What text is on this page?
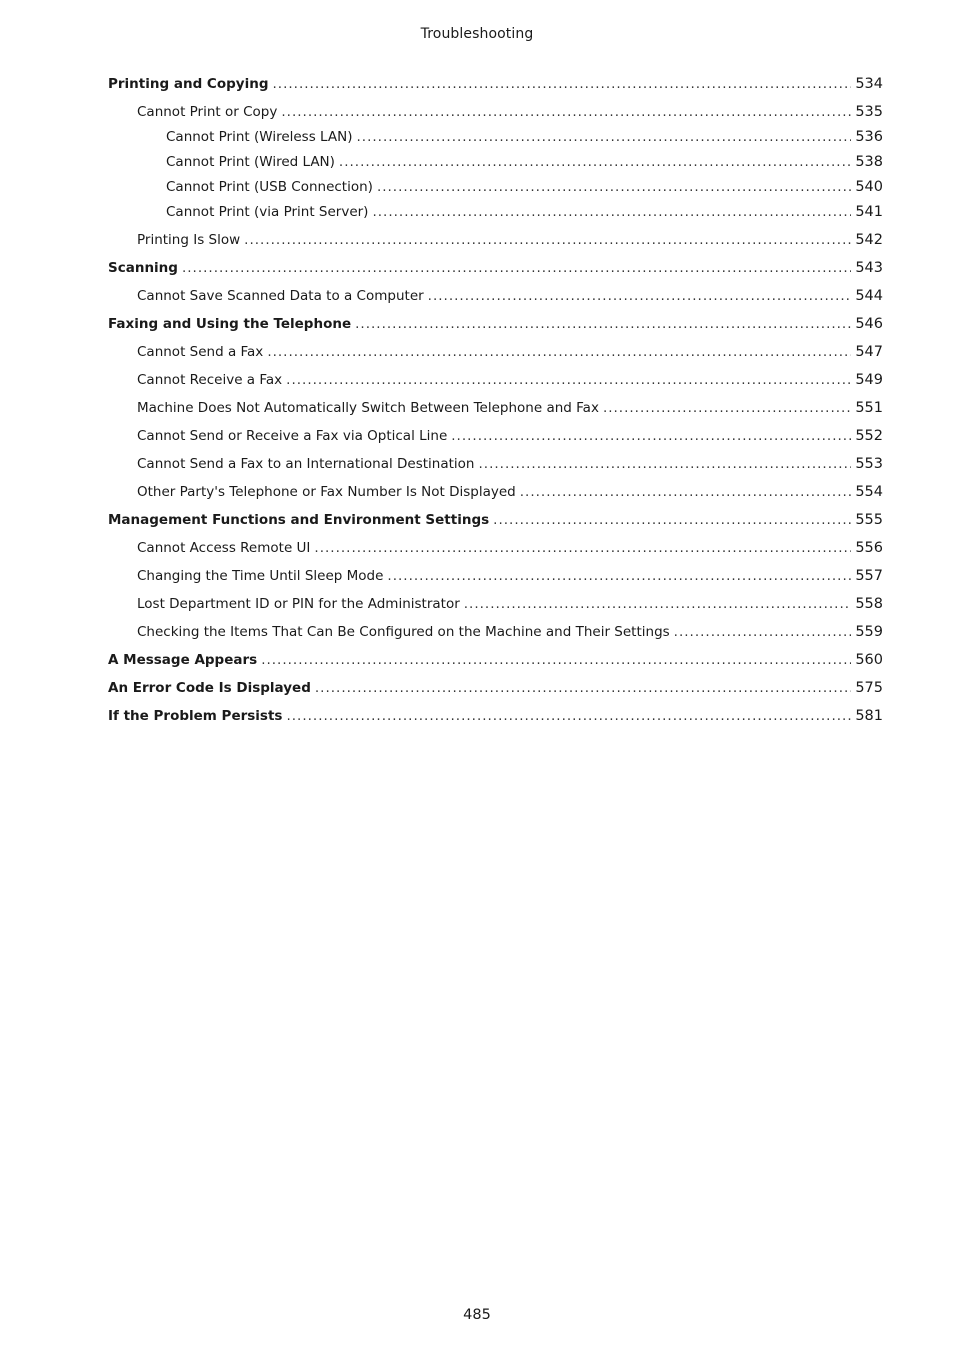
Troubleshooting
Printing and Copying .....	534
Cannot Print or Copy .....	535
Cannot Print (Wireless LAN) .....	536
Cannot Print (Wired LAN) .....	538
Cannot Print (USB Connection) .....	540
Cannot Print (via Print Server) .....	541
Printing Is Slow .....	542
Scanning .....	543
Cannot Save Scanned Data to a Computer .....	544
Faxing and Using the Telephone .....	546
Cannot Send a Fax .....	547
Cannot Receive a Fax .....	549
Machine Does Not Automatically Switch Between Telephone and Fax .....	551
Cannot Send or Receive a Fax via Optical Line .....	552
Cannot Send a Fax to an International Destination .....	553
Other Party's Telephone or Fax Number Is Not Displayed .....	554
Management Functions and Environment Settings .....	555
Cannot Access Remote UI .....	556
Changing the Time Until Sleep Mode .....	557
Lost Department ID or PIN for the Administrator .....	558
Checking the Items That Can Be Configured on the Machine and Their Settings .....	559
A Message Appears .....	560
An Error Code Is Displayed .....	575
If the Problem Persists .....	581
485
